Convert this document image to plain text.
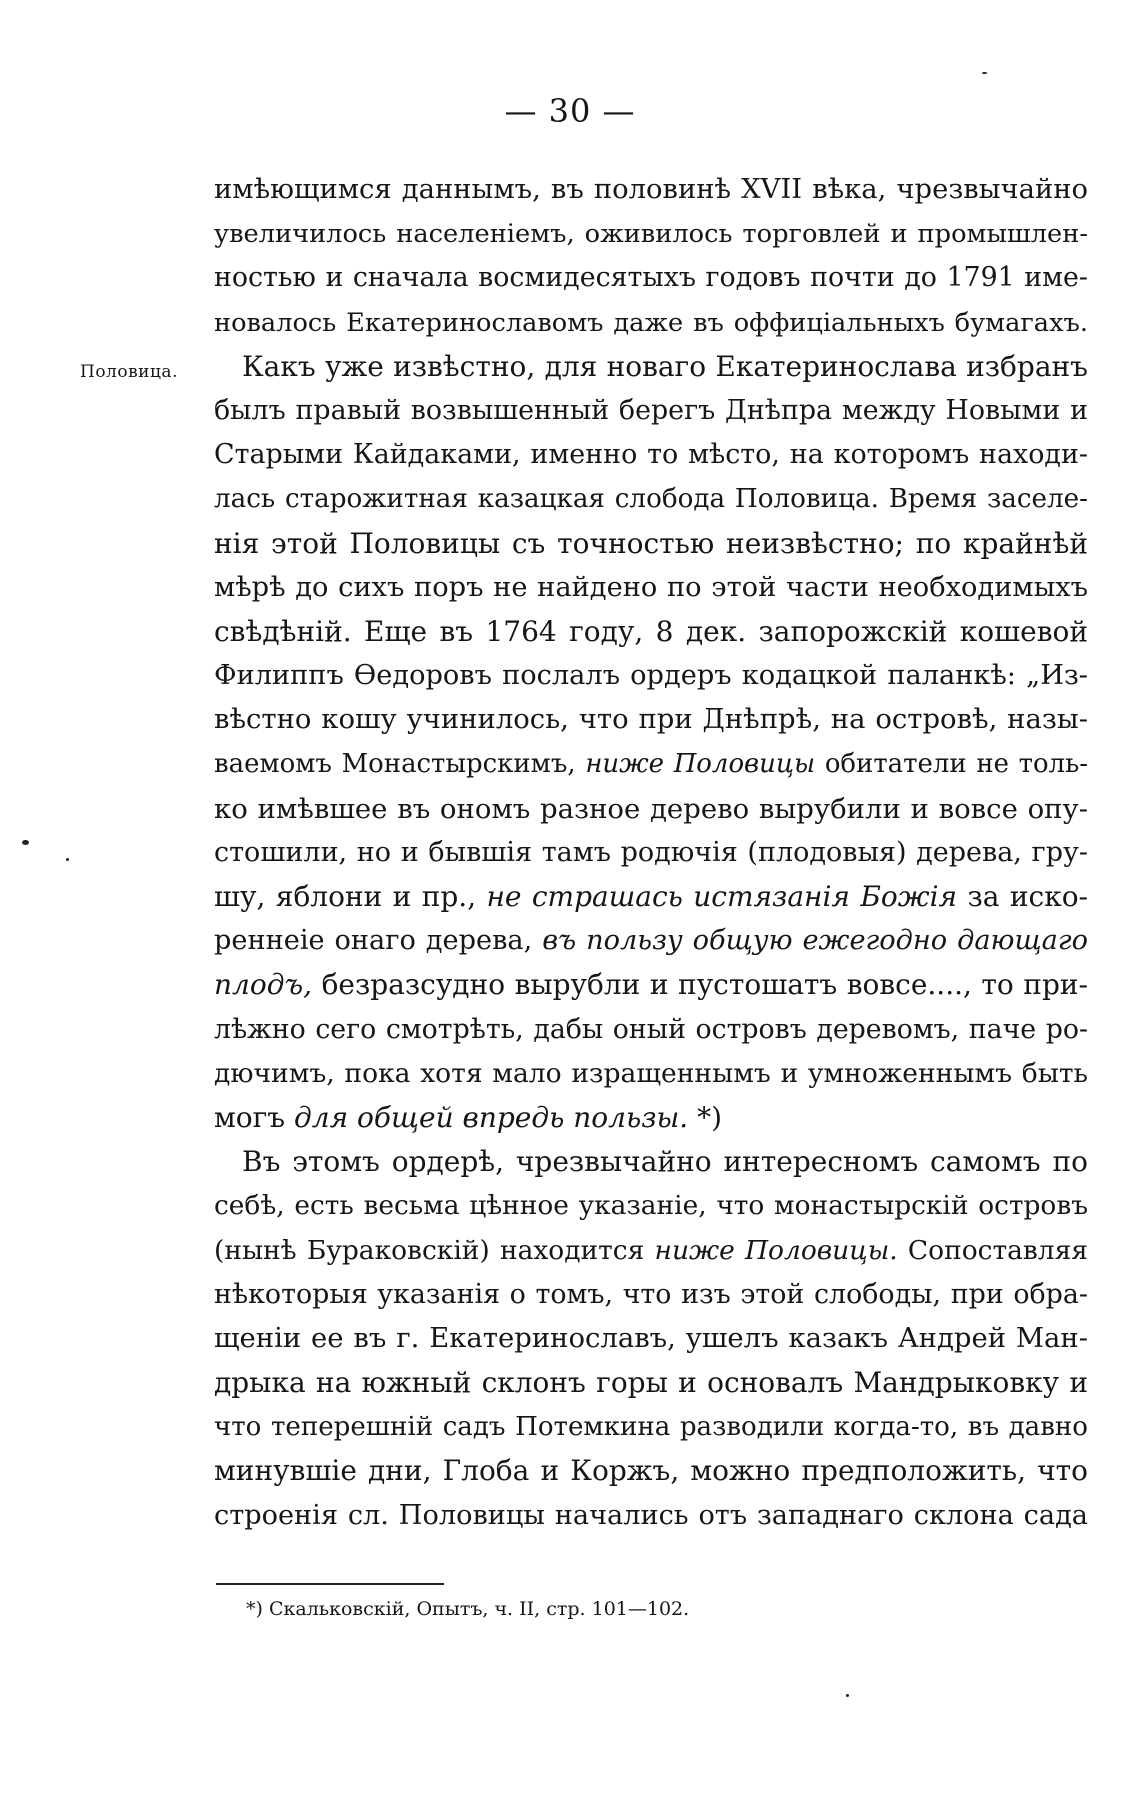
— 30 —
Половица.
имѣющимся даннымъ, въ половинѣ XVII вѣка, чрезвычайно
увеличилось населеніемъ, оживилось торговлей и промышлен-
ностью и сначала восмидесятыхъ годовъ почти до 1791 име-
новалось Екатеринославомъ даже въ оффиціальныхъ бумагахъ.
Какъ уже извѣстно, для новаго Екатеринослава избранъ
былъ правый возвышенный берегъ Днѣпра между Новыми и
Старыми Кайдаками, именно то мѣсто, на которомъ находи-
лась старожитная казацкая слобода Половица. Время заселе-
нія этой Половицы съ точностью неизвѣстно; по крайнѣй
мѣрѣ до сихъ поръ не найдено по этой части необходимыхъ
свѣдѣній. Еще въ 1764 году, 8 дек. запорожскій кошевой
Филиппъ Ѳедоровъ послалъ ордеръ кодацкой паланкѣ: „Из-
вѣстно кошу учинилось, что при Днѣпрѣ, на островѣ, назы-
ваемомъ Монастырскимъ, ниже Половицы обитатели не толь-
ко имѣвшее въ ономъ разное дерево вырубили и вовсе опу-
стошили, но и бывшія тамъ родючія (плодовыя) дерева, гру-
шу, яблони и пр., не страшась истязанія Божія за иско-
реннеіе онаго дерева, въ пользу общую ежегодно дающаго
плодъ, безразсудно вырубли и пустошатъ вовсе...., то при-
лѣжно сего смотрѣть, дабы оный островъ деревомъ, паче ро-
дючимъ, пока хотя мало изращеннымъ и умноженнымъ быть
могъ для общей впредь пользы. *)
Въ этомъ ордерѣ, чрезвычайно интересномъ самомъ по
себѣ, есть весьма цѣнное указаніе, что монастырскій островъ
(нынѣ Бураковскій) находится ниже Половицы. Сопоставляя
нѣкоторыя указанія о томъ, что изъ этой слободы, при обра-
щеніи ее въ г. Екатеринославъ, ушелъ казакъ Андрей Ман-
дрыка на южный склонъ горы и основалъ Мандрыковку и
что теперешній садъ Потемкина разводили когда-то, въ давно
минувшіе дни, Глоба и Коржъ, можно предположить, что
строенія сл. Половицы начались отъ западнаго склона сада
*) Скальковскій, Опытъ, ч. II, стр. 101—102.
